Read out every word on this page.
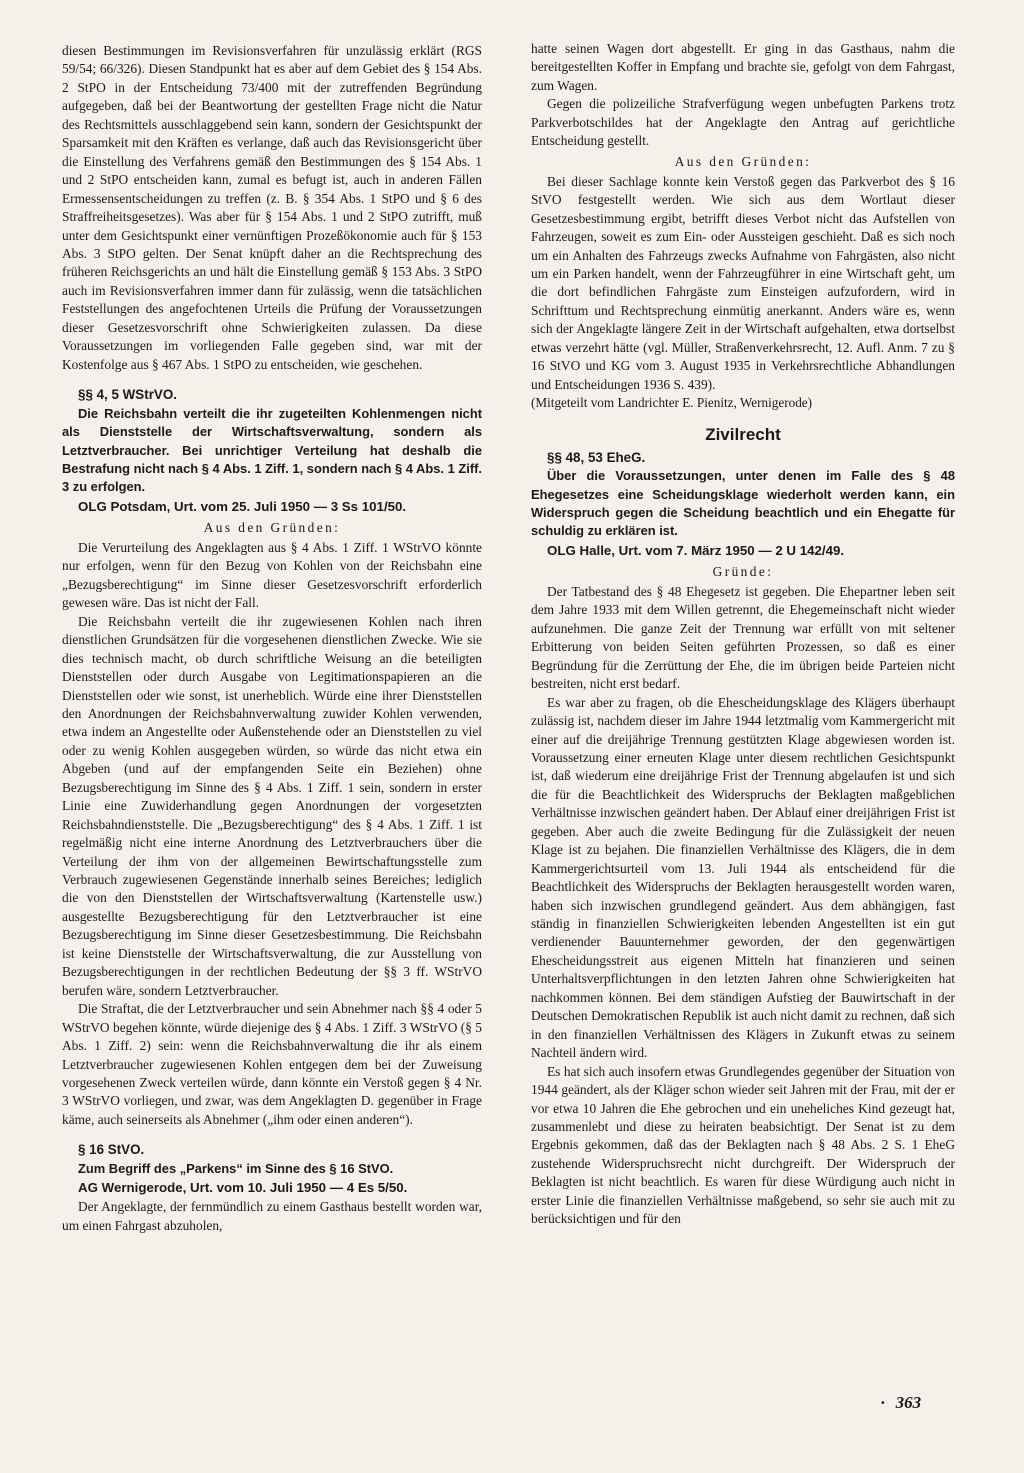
diesen Bestimmungen im Revisionsverfahren für unzulässig erklärt (RGS 59/54; 66/326). Diesen Standpunkt hat es aber auf dem Gebiet des § 154 Abs. 2 StPO in der Entscheidung 73/400 mit der zutreffenden Begründung aufgegeben, daß bei der Beantwortung der gestellten Frage nicht die Natur des Rechtsmittels ausschlaggebend sein kann, sondern der Gesichtspunkt der Sparsamkeit mit den Kräften es verlange, daß auch das Revisionsgericht über die Einstellung des Verfahrens gemäß den Bestimmungen des § 154 Abs. 1 und 2 StPO entscheiden kann, zumal es befugt ist, auch in anderen Fällen Ermessensentscheidungen zu treffen (z. B. § 354 Abs. 1 StPO und § 6 des Straffreiheitsgesetzes). Was aber für § 154 Abs. 1 und 2 StPO zutrifft, muß unter dem Gesichtspunkt einer vernünftigen Prozeßökonomie auch für § 153 Abs. 3 StPO gelten. Der Senat knüpft daher an die Rechtsprechung des früheren Reichsgerichts an und hält die Einstellung gemäß § 153 Abs. 3 StPO auch im Revisionsverfahren immer dann für zulässig, wenn die tatsächlichen Feststellungen des angefochtenen Urteils die Prüfung der Voraussetzungen dieser Gesetzesvorschrift ohne Schwierigkeiten zulassen. Da diese Voraussetzungen im vorliegenden Falle gegeben sind, war mit der Kostenfolge aus § 467 Abs. 1 StPO zu entscheiden, wie geschehen.

§§ 4, 5 WStrVO.

Die Reichsbahn verteilt die ihr zugeteilten Kohlenmengen nicht als Dienststelle der Wirtschaftsverwaltung, sondern als Letztverbraucher. Bei unrichtiger Verteilung hat deshalb die Bestrafung nicht nach § 4 Abs. 1 Ziff. 1, sondern nach § 4 Abs. 1 Ziff. 3 zu erfolgen.

OLG Potsdam, Urt. vom 25. Juli 1950 — 3 Ss 101/50.

Aus den Gründen:

Die Verurteilung des Angeklagten aus § 4 Abs. 1 Ziff. 1 WStrVO könnte nur erfolgen, wenn für den Bezug von Kohlen von der Reichsbahn eine „Bezugsberechtigung“ im Sinne dieser Gesetzesvorschrift erforderlich gewesen wäre. Das ist nicht der Fall.

Die Reichsbahn verteilt die ihr zugewiesenen Kohlen nach ihren dienstlichen Grundsätzen für die vorgesehenen dienstlichen Zwecke. Wie sie dies technisch macht, ob durch schriftliche Weisung an die beteiligten Dienststellen oder durch Ausgabe von Legitimationspapieren an die Dienststellen oder wie sonst, ist unerheblich. Würde eine ihrer Dienststellen den Anordnungen der Reichsbahnverwaltung zuwider Kohlen verwenden, etwa indem an Angestellte oder Außenstehende oder an Dienststellen zu viel oder zu wenig Kohlen ausgegeben würden, so würde das nicht etwa ein Abgeben (und auf der empfangenden Seite ein Beziehen) ohne Bezugsberechtigung im Sinne des § 4 Abs. 1 Ziff. 1 sein, sondern in erster Linie eine Zuwiderhandlung gegen Anordnungen der vorgesetzten Reichsbahndienststelle. Die „Bezugsberechtigung“ des § 4 Abs. 1 Ziff. 1 ist regelmäßig nicht eine interne Anordnung des Letztverbrauchers über die Verteilung der ihm von der allgemeinen Bewirtschaftungsstelle zum Verbrauch zugewiesenen Gegenstände innerhalb seines Bereiches; lediglich die von den Dienststellen der Wirtschaftsverwaltung (Kartenstelle usw.) ausgestellte Bezugsberechtigung für den Letztverbraucher ist eine Bezugsberechtigung im Sinne dieser Gesetzesbestimmung. Die Reichsbahn ist keine Dienststelle der Wirtschaftsverwaltung, die zur Ausstellung von Bezugsberechtigungen in der rechtlichen Bedeutung der §§ 3 ff. WStrVO berufen wäre, sondern Letztverbraucher.

Die Straftat, die der Letztverbraucher und sein Abnehmer nach §§ 4 oder 5 WStrVO begehen könnte, würde diejenige des § 4 Abs. 1 Ziff. 3 WStrVO (§ 5 Abs. 1 Ziff. 2) sein: wenn die Reichsbahnverwaltung die ihr als einem Letztverbraucher zugewiesenen Kohlen entgegen dem bei der Zuweisung vorgesehenen Zweck verteilen würde, dann könnte ein Verstoß gegen § 4 Nr. 3 WStrVO vorliegen, und zwar, was dem Angeklagten D. gegenüber in Frage käme, auch seinerseits als Abnehmer („ihm oder einen anderen“).

§ 16 StVO.

Zum Begriff des „Parkens“ im Sinne des § 16 StVO.

AG Wernigerode, Urt. vom 10. Juli 1950 — 4 Es 5/50.

Der Angeklagte, der fernmündlich zu einem Gasthaus bestellt worden war, um einen Fahrgast abzuholen,

hatte seinen Wagen dort abgestellt. Er ging in das Gasthaus, nahm die bereitgestellten Koffer in Empfang und brachte sie, gefolgt von dem Fahrgast, zum Wagen.

Gegen die polizeiliche Strafverfügung wegen unbefugten Parkens trotz Parkverbotschildes hat der Angeklagte den Antrag auf gerichtliche Entscheidung gestellt.

Aus den Gründen:

Bei dieser Sachlage konnte kein Verstoß gegen das Parkverbot des § 16 StVO festgestellt werden. Wie sich aus dem Wortlaut dieser Gesetzesbestimmung ergibt, betrifft dieses Verbot nicht das Aufstellen von Fahrzeugen, soweit es zum Ein- oder Aussteigen geschieht. Daß es sich noch um ein Anhalten des Fahrzeugs zwecks Aufnahme von Fahrgästen, also nicht um ein Parken handelt, wenn der Fahrzeugführer in eine Wirtschaft geht, um die dort befindlichen Fahrgäste zum Einsteigen aufzufordern, wird in Schrifttum und Rechtsprechung einmütig anerkannt. Anders wäre es, wenn sich der Angeklagte längere Zeit in der Wirtschaft aufgehalten, etwa dortselbst etwas verzehrt hätte (vgl. Müller, Straßenverkehrsrecht, 12. Aufl. Anm. 7 zu § 16 StVO und KG vom 3. August 1935 in Verkehrsrechtliche Abhandlungen und Entscheidungen 1936 S. 439).

(Mitgeteilt vom Landrichter E. Pienitz, Wernigerode)

Zivilrecht
§§ 48, 53 EheG.

Über die Voraussetzungen, unter denen im Falle des § 48 Ehegesetzes eine Scheidungsklage wiederholt werden kann, ein Widerspruch gegen die Scheidung beachtlich und ein Ehegatte für schuldig zu erklären ist.

OLG Halle, Urt. vom 7. März 1950 — 2 U 142/49.

Gründe:

Der Tatbestand des § 48 Ehegesetz ist gegeben. Die Ehepartner leben seit dem Jahre 1933 mit dem Willen getrennt, die Ehegemeinschaft nicht wieder aufzunehmen. Die ganze Zeit der Trennung war erfüllt von mit seltener Erbitterung von beiden Seiten geführten Prozessen, so daß es einer Begründung für die Zerrüttung der Ehe, die im übrigen beide Parteien nicht bestreiten, nicht erst bedarf.

Es war aber zu fragen, ob die Ehescheidungsklage des Klägers überhaupt zulässig ist, nachdem dieser im Jahre 1944 letztmalig vom Kammergericht mit einer auf die dreijährige Trennung gestützten Klage abgewiesen worden ist. Voraussetzung einer erneuten Klage unter diesem rechtlichen Gesichtspunkt ist, daß wiederum eine dreijährige Frist der Trennung abgelaufen ist und sich die für die Beachtlichkeit des Widerspruchs der Beklagten maßgeblichen Verhältnisse inzwischen geändert haben. Der Ablauf einer dreijährigen Frist ist gegeben. Aber auch die zweite Bedingung für die Zulässigkeit der neuen Klage ist zu bejahen. Die finanziellen Verhältnisse des Klägers, die in dem Kammergerichtsurteil vom 13. Juli 1944 als entscheidend für die Beachtlichkeit des Widerspruchs der Beklagten herausgestellt worden waren, haben sich inzwischen grundlegend geändert. Aus dem abhängigen, fast ständig in finanziellen Schwierigkeiten lebenden Angestellten ist ein gut verdienender Bauunternehmer geworden, der den gegenwärtigen Ehescheidungsstreit aus eigenen Mitteln hat finanzieren und seinen Unterhaltsverpflichtungen in den letzten Jahren ohne Schwierigkeiten hat nachkommen können. Bei dem ständigen Aufstieg der Bauwirtschaft in der Deutschen Demokratischen Republik ist auch nicht damit zu rechnen, daß sich in den finanziellen Verhältnissen des Klägers in Zukunft etwas zu seinem Nachteil ändern wird.

Es hat sich auch insofern etwas Grundlegendes gegenüber der Situation von 1944 geändert, als der Kläger schon wieder seit Jahren mit der Frau, mit der er vor etwa 10 Jahren die Ehe gebrochen und ein uneheliches Kind gezeugt hat, zusammenlebt und diese zu heiraten beabsichtigt. Der Senat ist zu dem Ergebnis gekommen, daß das der Beklagten nach § 48 Abs. 2 S. 1 EheG zustehende Widerspruchsrecht nicht durchgreift. Der Widerspruch der Beklagten ist nicht beachtlich. Es waren für diese Würdigung auch nicht in erster Linie die finanziellen Verhältnisse maßgebend, so sehr sie auch mit zu berücksichtigen und für den

· 363
